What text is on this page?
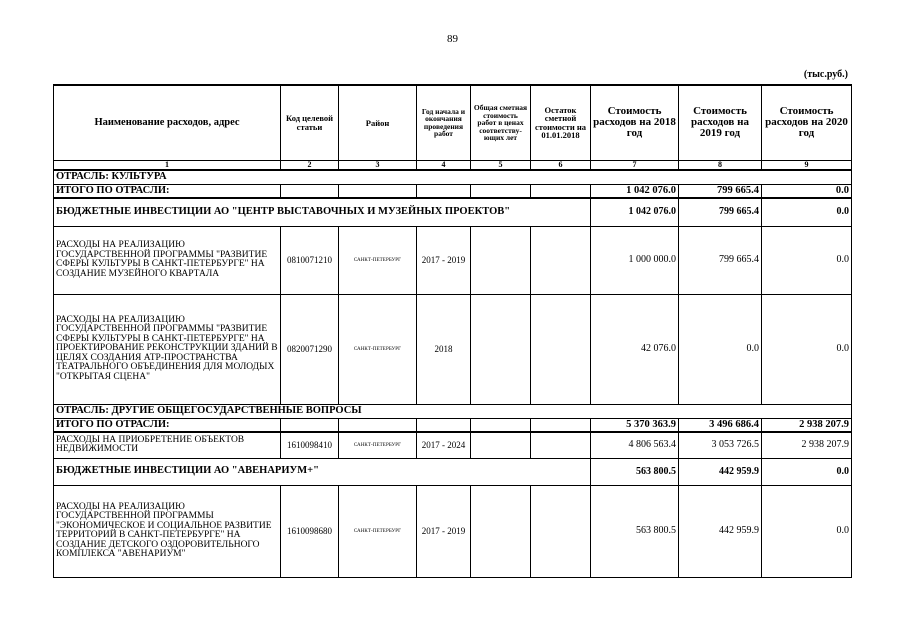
89
(тыс.руб.)
Наименование расходов, адрес	Код целевой статьи	Район	Год начала и окончания проведения работ	Общая сметная стоимость работ в ценах соответству-ющих лет	Остаток сметной стоимости на 01.01.2018	Стоимость расходов на 2018 год	Стоимость расходов на 2019 год	Стоимость расходов на 2020 год
1	2	3	4	5	6	7	8	9
ОТРАСЛЬ: КУЛЬТУРА								
ИТОГО ПО ОТРАСЛИ:						1 042 076.0	799 665.4	0.0
БЮДЖЕТНЫЕ ИНВЕСТИЦИИ АО "ЦЕНТР ВЫСТАВОЧНЫХ И МУЗЕЙНЫХ ПРОЕКТОВ"						1 042 076.0	799 665.4	0.0
РАСХОДЫ НА РЕАЛИЗАЦИЮ ГОСУДАРСТВЕННОЙ ПРОГРАММЫ "РАЗВИТИЕ СФЕРЫ КУЛЬТУРЫ В САНКТ-ПЕТЕРБУРГЕ" НА СОЗДАНИЕ МУЗЕЙНОГО КВАРТАЛА	0810071210	САНКТ-ПЕТЕРБУРГ	2017 - 2019			1 000 000.0	799 665.4	0.0
РАСХОДЫ НА РЕАЛИЗАЦИЮ ГОСУДАРСТВЕННОЙ ПРОГРАММЫ "РАЗВИТИЕ СФЕРЫ КУЛЬТУРЫ В САНКТ-ПЕТЕРБУРГЕ" НА ПРОЕКТИРОВАНИЕ РЕКОНСТРУКЦИИ ЗДАНИЙ В ЦЕЛЯХ СОЗДАНИЯ АТР-ПРОСТРАНСТВА ТЕАТРАЛЬНОГО ОБЪЕДИНЕНИЯ ДЛЯ МОЛОДЫХ "ОТКРЫТАЯ СЦЕНА"	0820071290	САНКТ-ПЕТЕРБУРГ	2018			42 076.0	0.0	0.0
ОТРАСЛЬ: ДРУГИЕ ОБЩЕГОСУДАРСТВЕННЫЕ ВОПРОСЫ								
ИТОГО ПО ОТРАСЛИ:						5 370 363.9	3 496 686.4	2 938 207.9
РАСХОДЫ НА ПРИОБРЕТЕНИЕ ОБЪЕКТОВ НЕДВИЖИМОСТИ	1610098410	САНКТ-ПЕТЕРБУРГ	2017 - 2024			4 806 563.4	3 053 726.5	2 938 207.9
БЮДЖЕТНЫЕ ИНВЕСТИЦИИ АО "АВЕНАРИУМ+"						563 800.5	442 959.9	0.0
РАСХОДЫ НА РЕАЛИЗАЦИЮ ГОСУДАРСТВЕННОЙ ПРОГРАММЫ "ЭКОНОМИЧЕСКОЕ И СОЦИАЛЬНОЕ РАЗВИТИЕ ТЕРРИТОРИЙ В САНКТ-ПЕТЕРБУРГЕ" НА СОЗДАНИЕ ДЕТСКОГО ОЗДОРОВИТЕЛЬНОГО КОМПЛЕКСА "АВЕНАРИУМ"	1610098680	САНКТ-ПЕТЕРБУРГ	2017 - 2019			563 800.5	442 959.9	0.0
